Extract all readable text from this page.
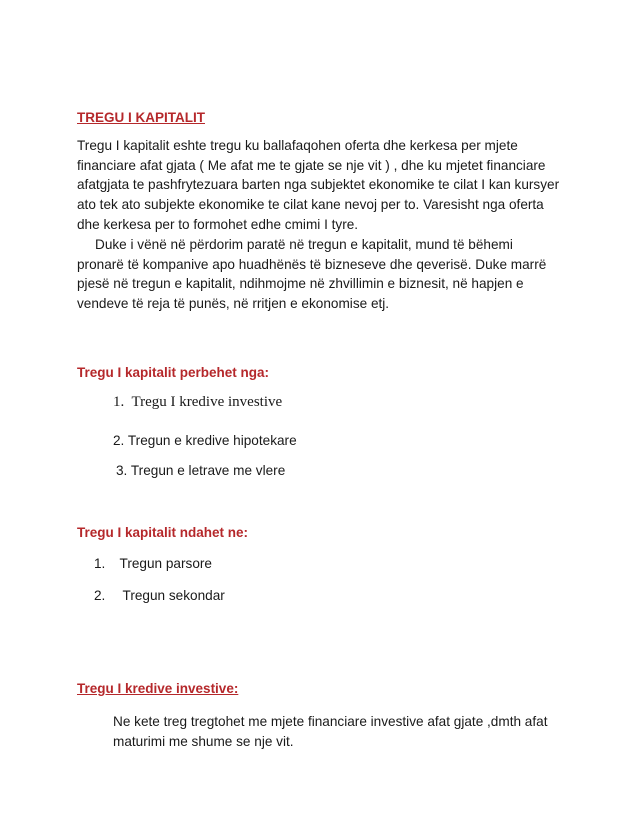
TREGU I KAPITALIT
Tregu I kapitalit eshte tregu ku ballafaqohen oferta dhe kerkesa per mjete
financiare afat gjata ( Me afat me te gjate se nje vit ) , dhe ku mjetet financiare
afatgjata te pashfrytezuara barten nga subjektet ekonomike te cilat I kan kursyer
ato tek ato subjekte ekonomike te cilat kane nevoj per to. Varesisht nga oferta
dhe kerkesa per to formohet edhe cmimi I tyre.
Duke i vënë në përdorim paratë në tregun e kapitalit, mund të bëhemi
pronarë të kompanive apo huadhënës të bizneseve dhe qeverisë. Duke marrë
pjesë në tregun e kapitalit, ndihmojme në zhvillimin e biznesit, në hapjen e
vendeve të reja të punës, në rritjen e ekonomise etj.
Tregu I kapitalit perbehet nga:
1. Tregu I kredive investive
2. Tregun e kredive hipotekare
3. Tregun e letrave me vlere
Tregu I kapitalit ndahet ne:
1. Tregun parsore
2. Tregun sekondar
Tregu I kredive investive:
Ne kete treg tregtohet me mjete financiare investive afat gjate ,dmth afat
maturimi me shume se nje vit.
